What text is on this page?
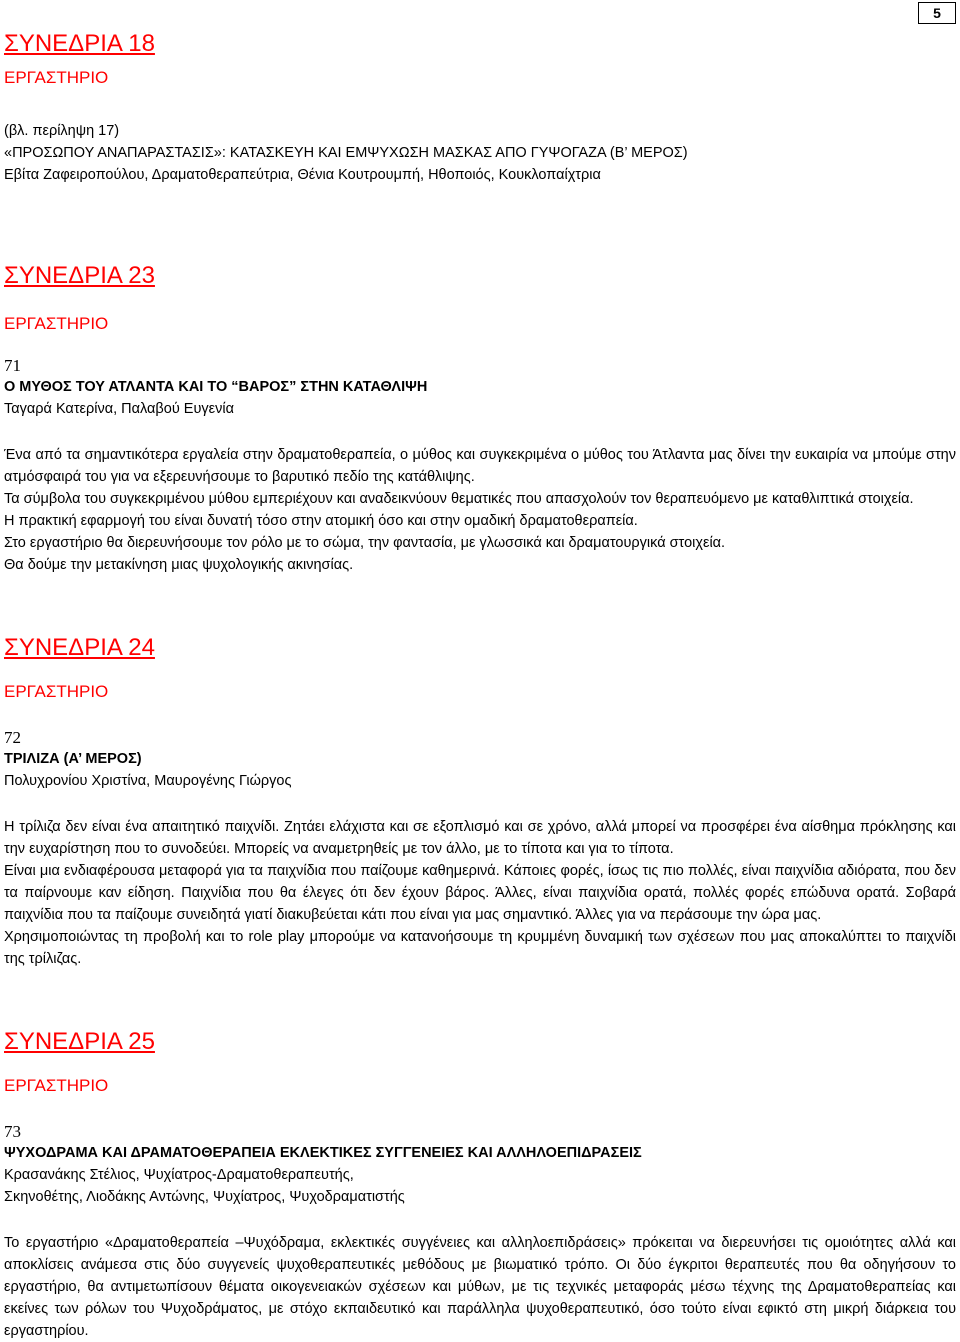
5
ΣΥΝΕΔΡΙΑ 18
ΕΡΓΑΣΤΗΡΙΟ
(βλ. περίληψη 17)
«ΠΡΟΣΩΠΟΥ ΑΝΑΠΑΡΑΣΤΑΣΙΣ»: ΚΑΤΑΣΚΕΥΗ ΚΑΙ ΕΜΨΥΧΩΣΗ ΜΑΣΚΑΣ ΑΠΟ ΓΥΨΟΓΑΖΑ (Β’ ΜΕΡΟΣ)
Εβίτα Ζαφειροπούλου, Δραματοθεραπεύτρια, Θένια Κουτρουμπή, Ηθοποιός, Κουκλοπαίχτρια
ΣΥΝΕΔΡΙΑ 23
ΕΡΓΑΣΤΗΡΙΟ
71
Ο ΜΥΘΟΣ ΤΟΥ ΑΤΛΑΝΤΑ ΚΑΙ ΤΟ “ΒΑΡΟΣ” ΣΤΗΝ ΚΑΤΑΘΛΙΨΗ
Ταγαρά Κατερίνα, Παλαβού Ευγενία
Ένα από τα σημαντικότερα εργαλεία στην δραματοθεραπεία, ο μύθος και συγκεκριμένα ο μύθος του Άτλαντα μας δίνει την ευκαιρία να μπούμε στην ατμόσφαιρά του για να εξερευνήσουμε το βαρυτικό πεδίο της κατάθλιψης.
Τα σύμβολα του συγκεκριμένου μύθου εμπεριέχουν και αναδεικνύουν θεματικές που απασχολούν τον θεραπευόμενο με καταθλιπτικά στοιχεία.
Η πρακτική εφαρμογή του είναι δυνατή τόσο στην ατομική όσο και στην ομαδική δραματοθεραπεία.
Στο εργαστήριο θα διερευνήσουμε τον ρόλο με το σώμα, την φαντασία, με γλωσσικά και δραματουργικά στοιχεία.
Θα δούμε την μετακίνηση μιας ψυχολογικής ακινησίας.
ΣΥΝΕΔΡΙΑ 24
ΕΡΓΑΣΤΗΡΙΟ
72
ΤΡΙΛΙΖΑ (Α’ ΜΕΡΟΣ)
Πολυχρονίου Χριστίνα, Μαυρογένης Γιώργος
Η τρίλιζα δεν είναι ένα απαιτητικό παιχνίδι. Ζητάει ελάχιστα και σε εξοπλισμό και σε χρόνο, αλλά μπορεί να προσφέρει ένα αίσθημα πρόκλησης και την ευχαρίστηση που το συνοδεύει. Μπορείς να αναμετρηθείς με τον άλλο, με το τίποτα και για το τίποτα.
Είναι μια ενδιαφέρουσα μεταφορά για τα παιχνίδια που παίζουμε καθημερινά. Κάποιες φορές, ίσως τις πιο πολλές, είναι παιχνίδια αδιόρατα, που δεν τα παίρνουμε καν είδηση. Παιχνίδια που θα έλεγες ότι δεν έχουν βάρος. Άλλες, είναι παιχνίδια ορατά, πολλές φορές επώδυνα ορατά. Σοβαρά παιχνίδια που τα παίζουμε συνειδητά γιατί διακυβεύεται κάτι που είναι για μας σημαντικό. Άλλες για να περάσουμε την ώρα μας.
Χρησιμοποιώντας τη προβολή και το role play μπορούμε να κατανοήσουμε τη κρυμμένη δυναμική των σχέσεων που μας αποκαλύπτει το παιχνίδι της τρίλιζας.
ΣΥΝΕΔΡΙΑ 25
ΕΡΓΑΣΤΗΡΙΟ
73
ΨΥΧΟΔΡΑΜΑ ΚΑΙ ΔΡΑΜΑΤΟΘΕΡΑΠΕΙΑ ΕΚΛΕΚΤΙΚΕΣ ΣΥΓΓΕΝΕΙΕΣ ΚΑΙ ΑΛΛΗΛΟΕΠΙΔΡΑΣΕΙΣ
Κρασανάκης Στέλιος, Ψυχίατρος-Δραματοθεραπευτής,
Σκηνοθέτης, Λιοδάκης Αντώνης, Ψυχίατρος, Ψυχοδραματιστής
Το εργαστήριο «Δραματοθεραπεία –Ψυχόδραμα, εκλεκτικές συγγένειες και αλληλοεπιδράσεις» πρόκειται να διερευνήσει τις ομοιότητες αλλά και αποκλίσεις ανάμεσα στις δύο συγγενείς ψυχοθεραπευτικές μεθόδους με βιωματικό τρόπο. Οι δύο έγκριτοι θεραπευτές που θα οδηγήσουν το εργαστήριο, θα αντιμετωπίσουν θέματα οικογενειακών σχέσεων και μύθων, με τις τεχνικές μεταφοράς μέσω τέχνης της Δραματοθεραπείας και εκείνες των ρόλων του Ψυχοδράματος, με στόχο εκπαιδευτικό και παράλληλα ψυχοθεραπευτικό, όσο τούτο είναι εφικτό στη μικρή διάρκεια του εργαστηρίου.
